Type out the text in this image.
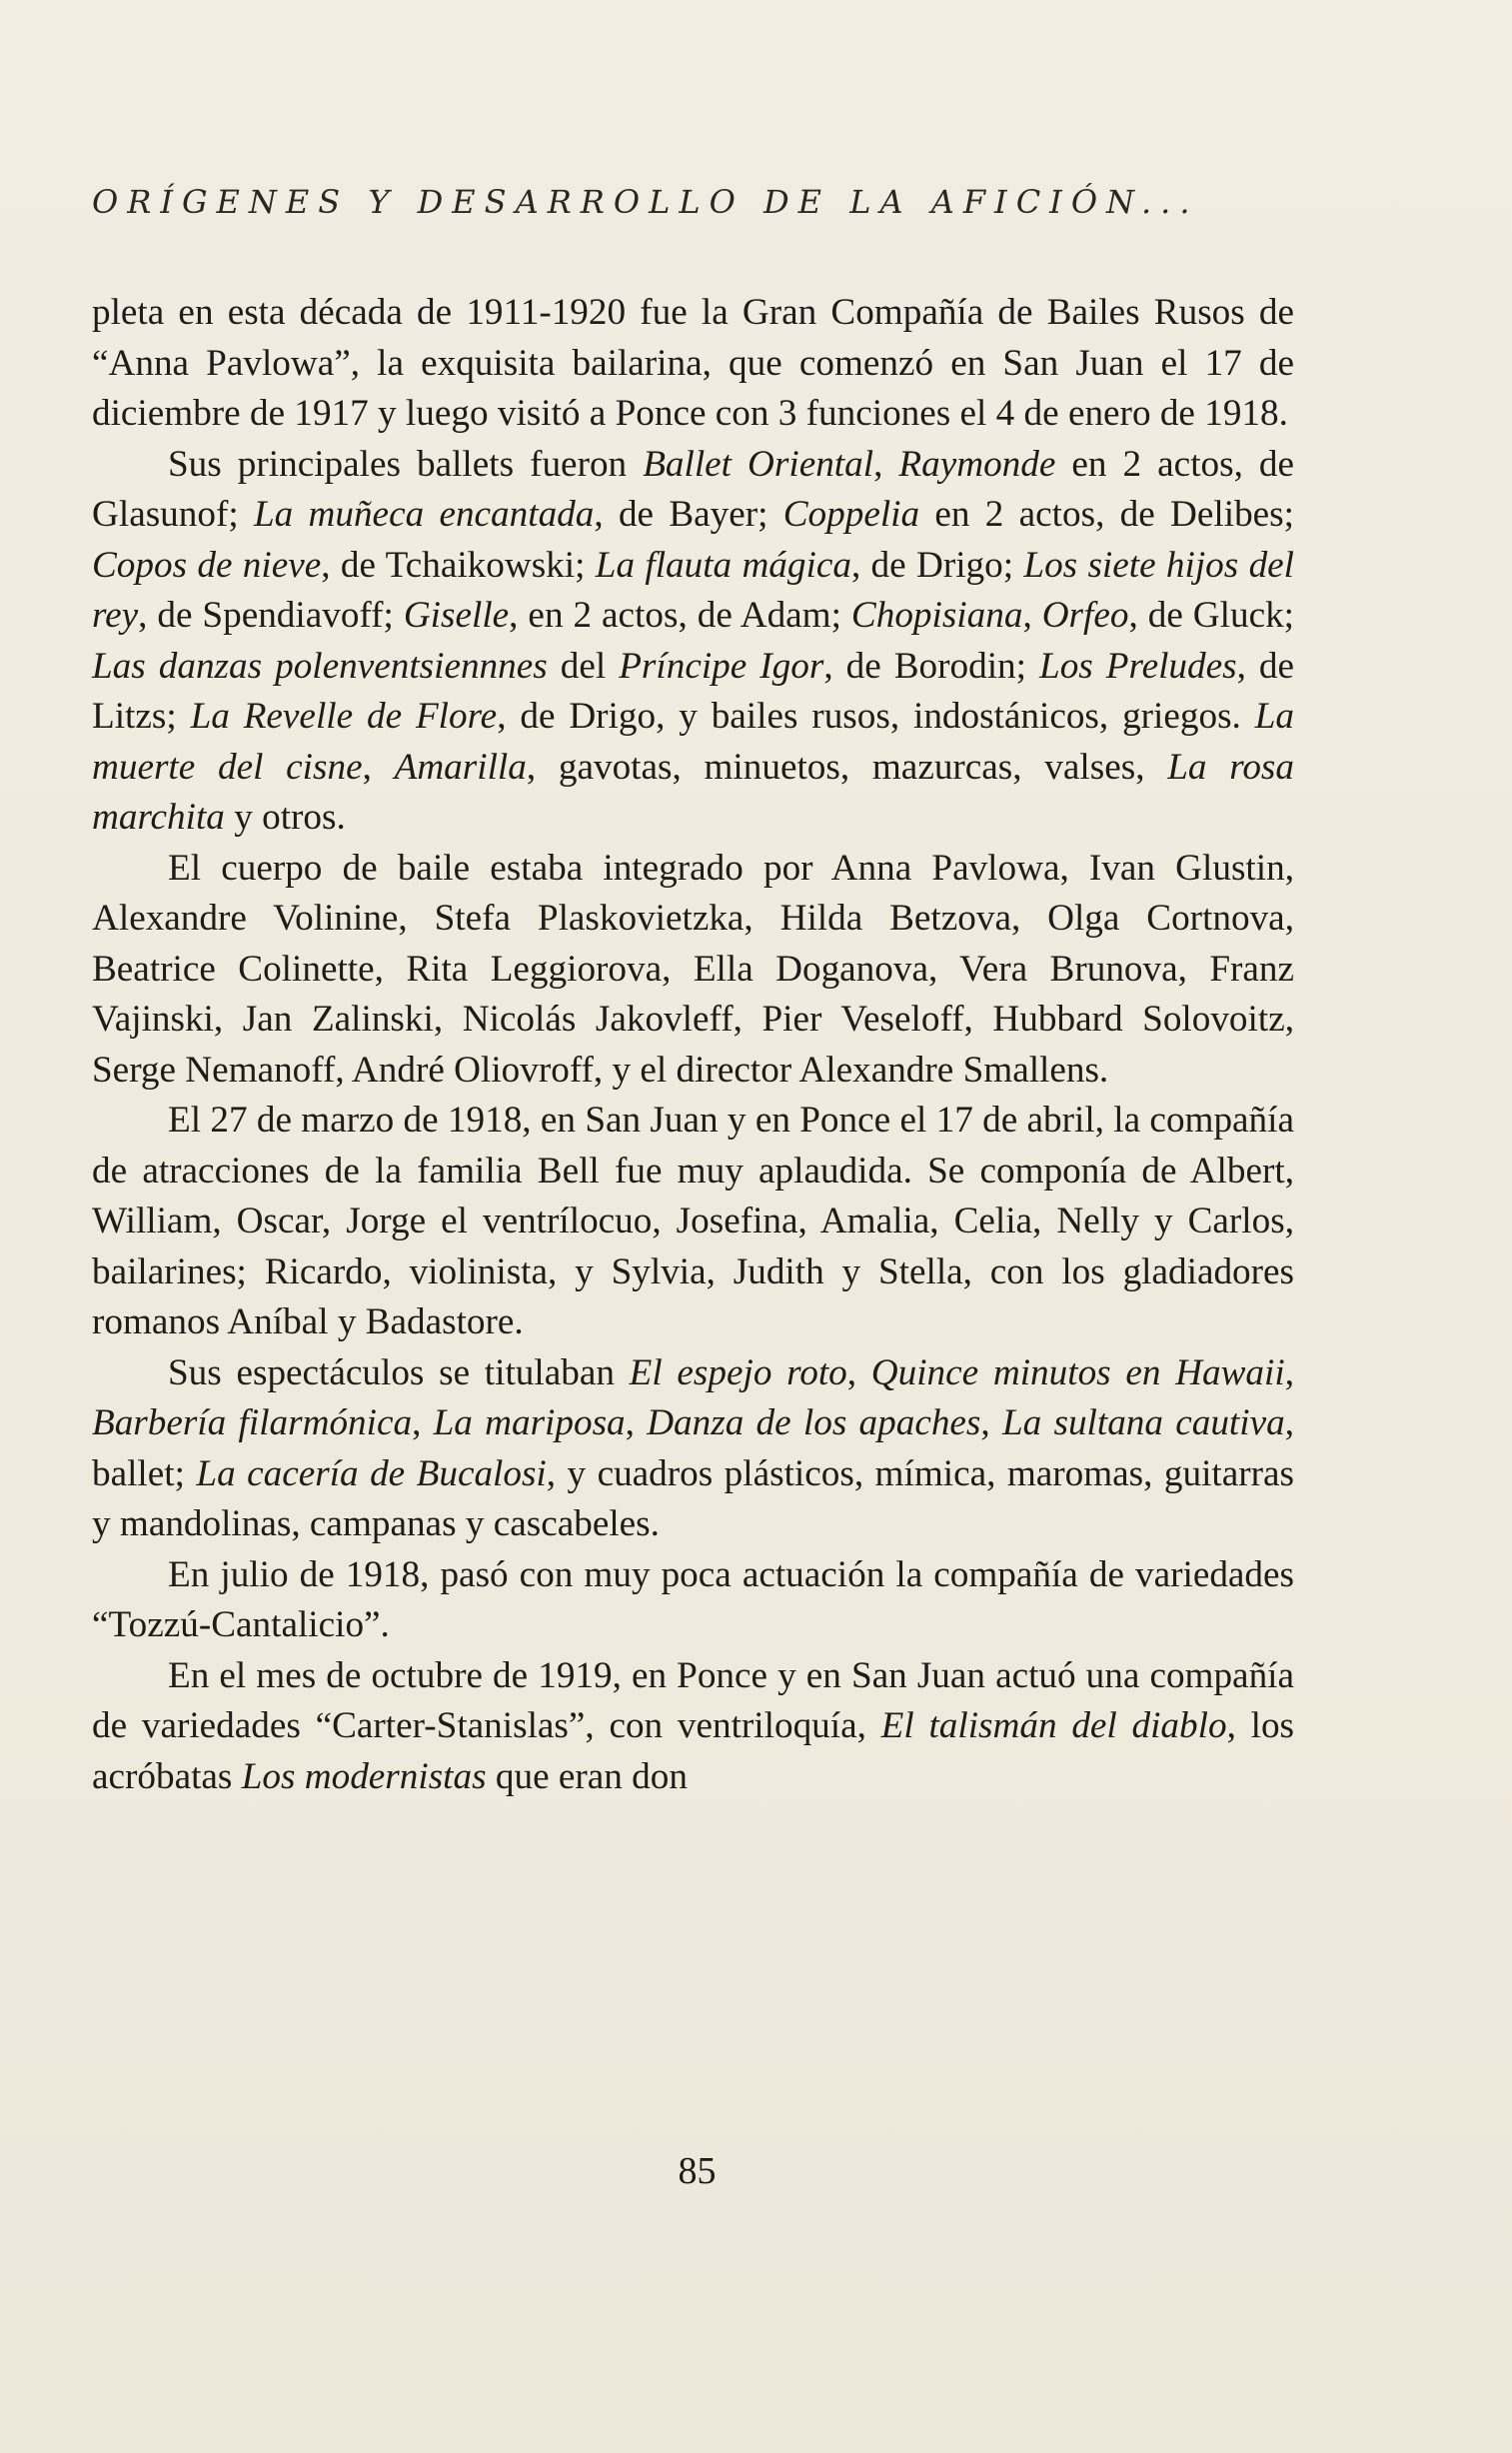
ORÍGENES Y DESARROLLO DE LA AFICIÓN...

pleta en esta década de 1911-1920 fue la Gran Compañía de Bailes Rusos de “Anna Pavlowa”, la exquisita bailarina, que comenzó en San Juan el 17 de diciembre de 1917 y luego visitó a Ponce con 3 funciones el 4 de enero de 1918.

Sus principales ballets fueron Ballet Oriental, Raymonde en 2 actos, de Glasunof; La muñeca encantada, de Bayer; Coppelia en 2 actos, de Delibes; Copos de nieve, de Tchaikowski; La flauta mágica, de Drigo; Los siete hijos del rey, de Spendiavoff; Giselle, en 2 actos, de Adam; Chopisiana, Orfeo, de Gluck; Las danzas polenventsiennnes del Príncipe Igor, de Borodin; Los Preludes, de Litzs; La Revelle de Flore, de Drigo, y bailes rusos, indostánicos, griegos. La muerte del cisne, Amarilla, gavotas, minuetos, mazurcas, valses, La rosa marchita y otros.

El cuerpo de baile estaba integrado por Anna Pavlowa, Ivan Glustin, Alexandre Volinine, Stefa Plaskovietzka, Hilda Betzova, Olga Cortnova, Beatrice Colinette, Rita Leggiorova, Ella Doganova, Vera Brunova, Franz Vajinski, Jan Zalinski, Nicolás Jakovleff, Pier Veseloff, Hubbard Solovoitz, Serge Nemanoff, André Oliovroff, y el director Alexandre Smallens.

El 27 de marzo de 1918, en San Juan y en Ponce el 17 de abril, la compañía de atracciones de la familia Bell fue muy aplaudida. Se componía de Albert, William, Oscar, Jorge el ventrílocuo, Josefina, Amalia, Celia, Nelly y Carlos, bailarines; Ricardo, violinista, y Sylvia, Judith y Stella, con los gladiadores romanos Aníbal y Badastore.

Sus espectáculos se titulaban El espejo roto, Quince minutos en Hawaii, Barbería filarmónica, La mariposa, Danza de los apaches, La sultana cautiva, ballet; La cacería de Bucalosi, y cuadros plásticos, mímica, maromas, guitarras y mandolinas, campanas y cascabeles.

En julio de 1918, pasó con muy poca actuación la compañía de variedades “Tozzú-Cantalicio”.

En el mes de octubre de 1919, en Ponce y en San Juan actuó una compañía de variedades “Carter-Stanislas”, con ventriloquía, El talismán del diablo, los acróbatas Los modernistas que eran don

85
